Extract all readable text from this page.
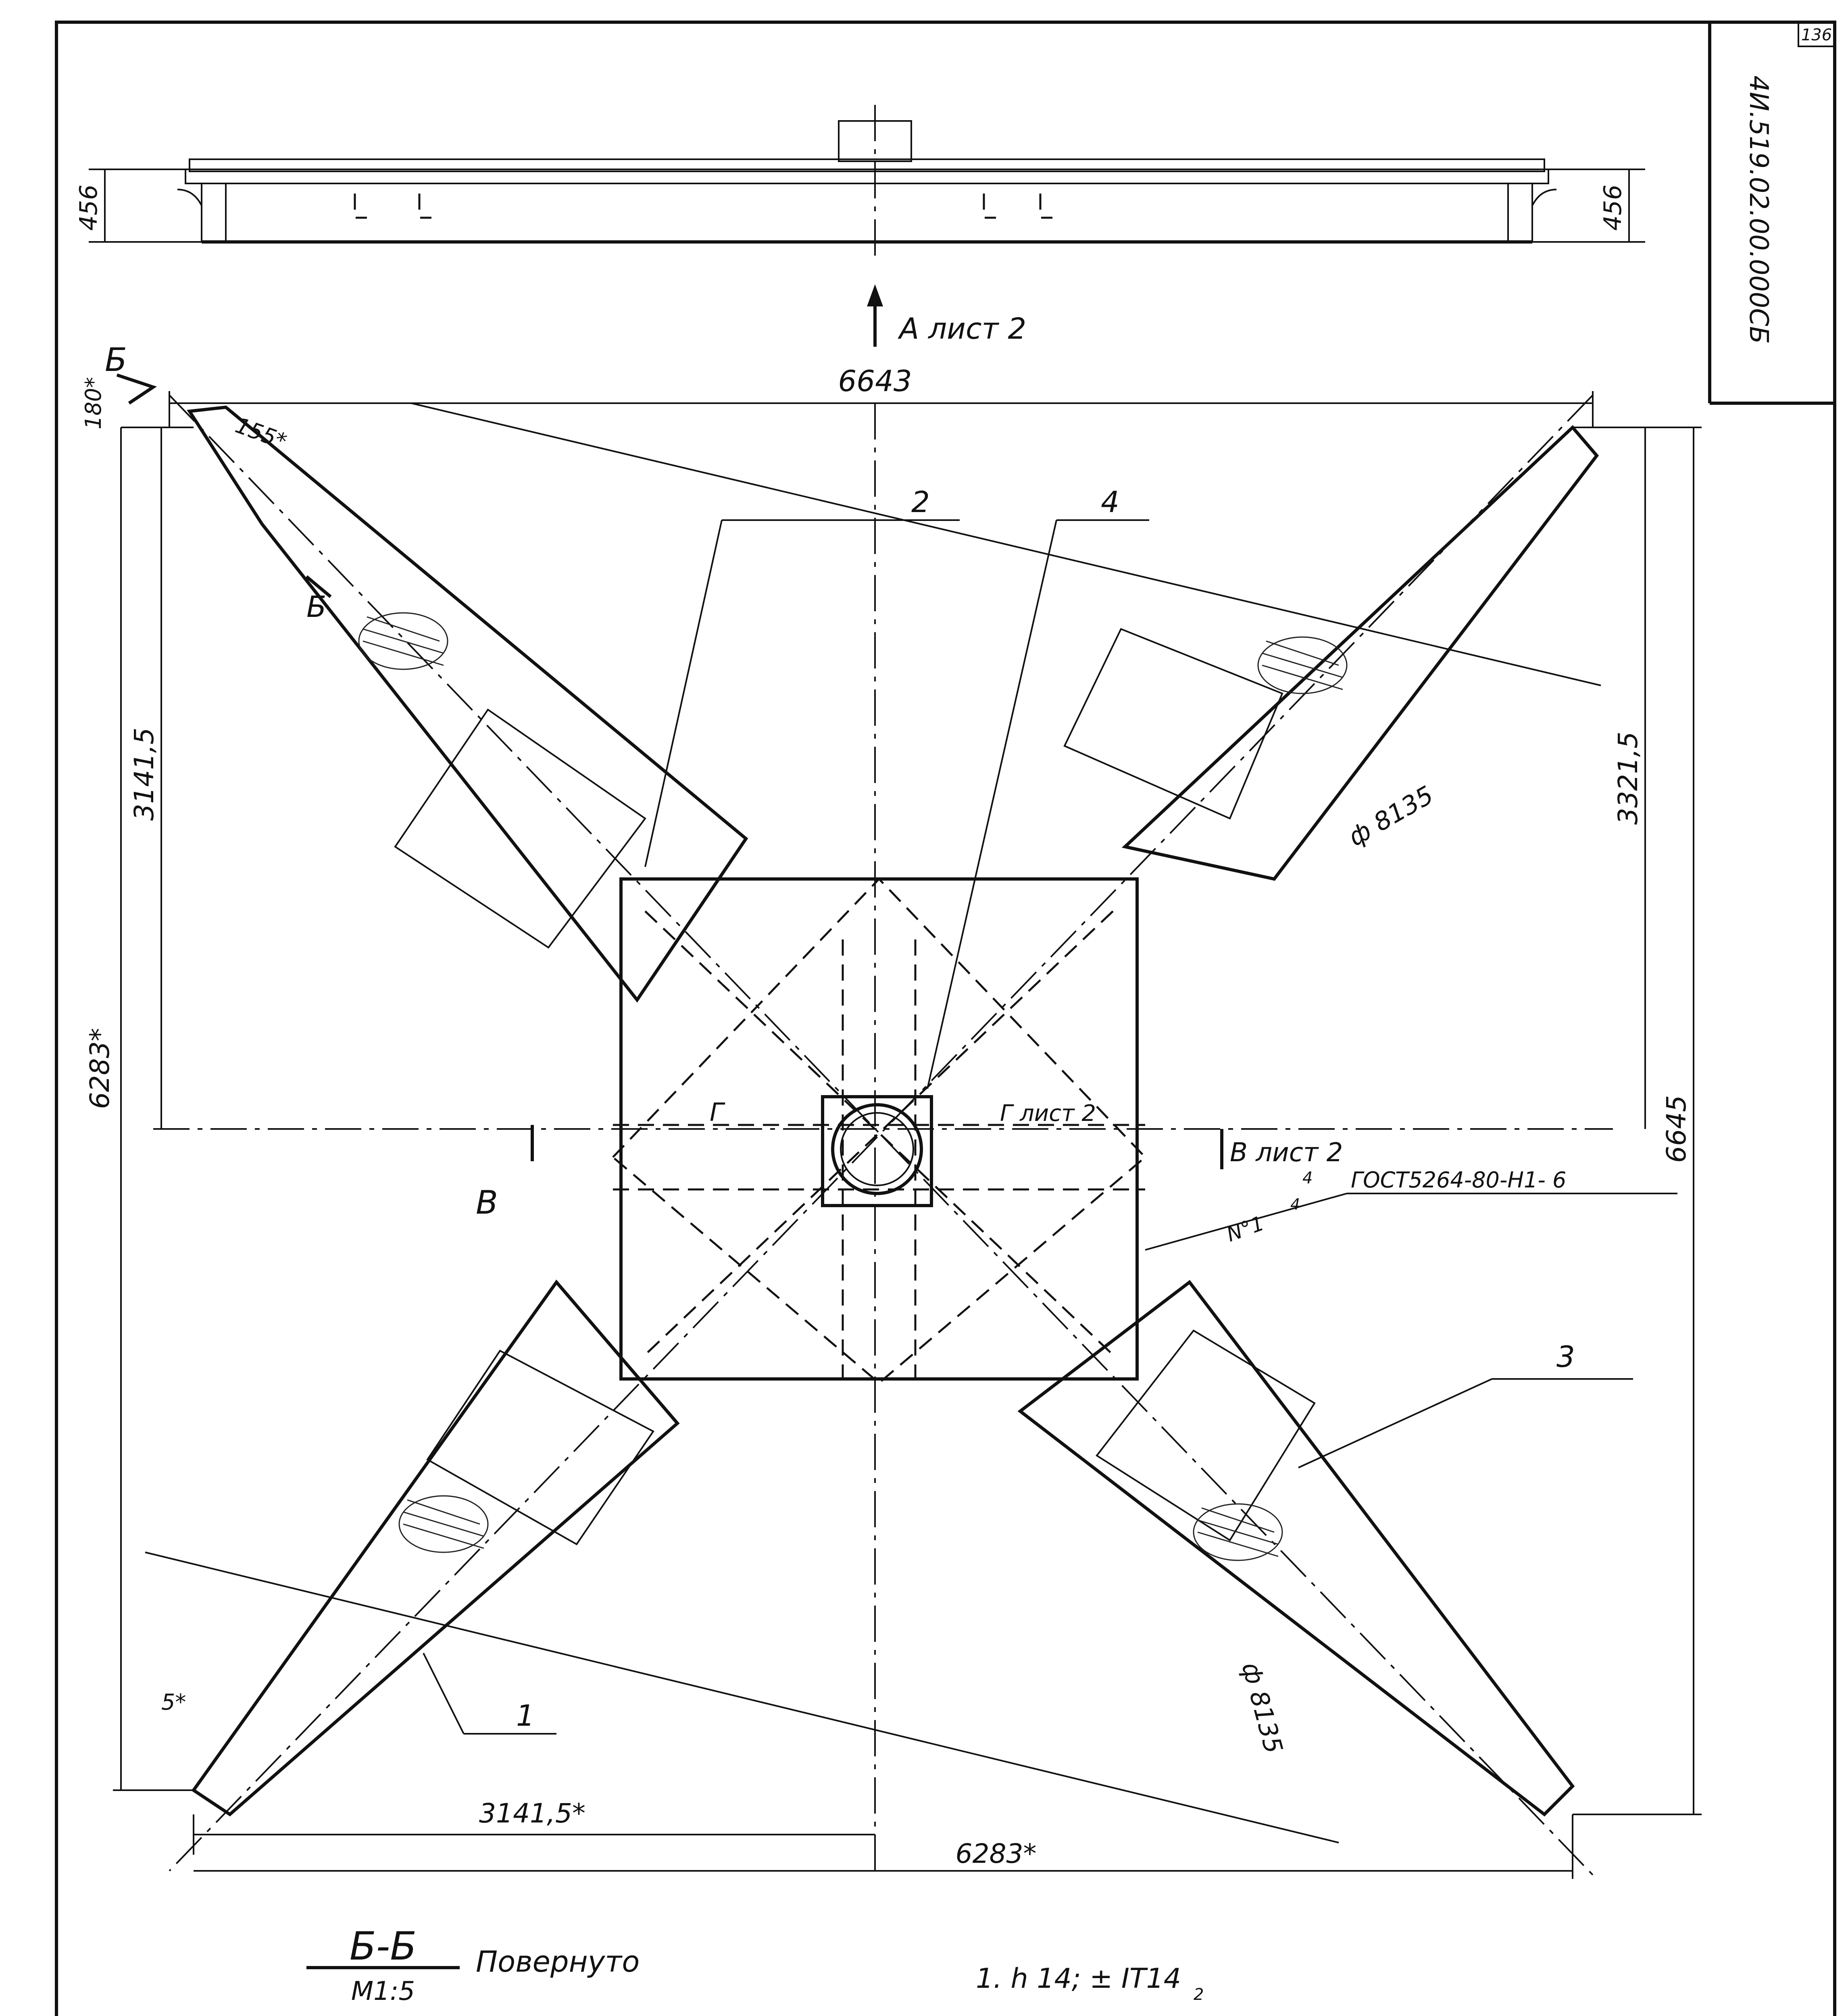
136
4И.519.02.00.000СБ
456	456
А лист 2
6643
Б
180*
155*
3141,5
6283*
3321,5
6645
ф 8135
ф 8135
3141,5*
6283*
5*
Б
В
В лист 2
4
Г	Г лист 2
ГОСТ5264-80-Н1- 6
N°1
4
2	4
3
1
Б-Б
М1:5
Повернуто
1. h 14; ± IT14 2
